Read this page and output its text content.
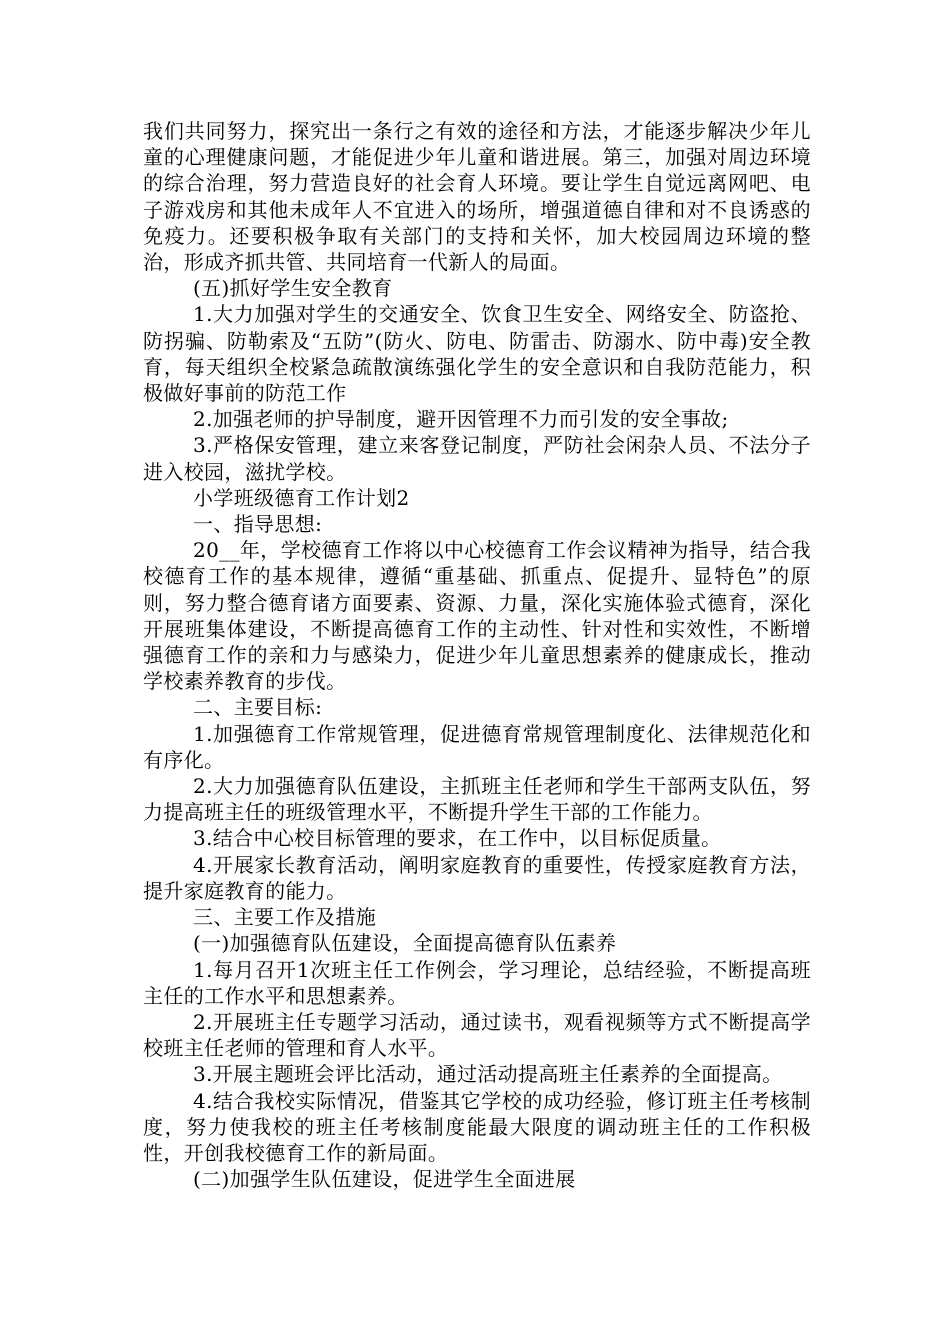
我们共同努力，探究出一条行之有效的途径和方法，才能逐步解决少年儿童的心理健康问题，才能促进少年儿童和谐进展。第三，加强对周边环境的综合治理，努力营造良好的社会育人环境。要让学生自觉远离网吧、电子游戏房和其他未成年人不宜进入的场所，增强道德自律和对不良诱惑的免疫力。还要积极争取有关部门的支持和关怀，加大校园周边环境的整治，形成齐抓共管、共同培育一代新人的局面。

(五)抓好学生安全教育

1.大力加强对学生的交通安全、饮食卫生安全、网络安全、防盗抢、防拐骗、防勒索及“五防”(防火、防电、防雷击、防溺水、防中毒)安全教育，每天组织全校紧急疏散演练强化学生的安全意识和自我防范能力，积极做好事前的防范工作

2.加强老师的护导制度，避开因管理不力而引发的安全事故;

3.严格保安管理，建立来客登记制度，严防社会闲杂人员、不法分子进入校园，滋扰学校。

小学班级德育工作计划2

一、指导思想:

20__年，学校德育工作将以中心校德育工作会议精神为指导，结合我校德育工作的基本规律，遵循“重基础、抓重点、促提升、显特色”的原则，努力整合德育诸方面要素、资源、力量，深化实施体验式德育，深化开展班集体建设，不断提高德育工作的主动性、针对性和实效性，不断增强德育工作的亲和力与感染力，促进少年儿童思想素养的健康成长，推动学校素养教育的步伐。

二、主要目标:

1.加强德育工作常规管理，促进德育常规管理制度化、法律规范化和有序化。

2.大力加强德育队伍建设，主抓班主任老师和学生干部两支队伍，努力提高班主任的班级管理水平，不断提升学生干部的工作能力。

3.结合中心校目标管理的要求，在工作中，以目标促质量。

4.开展家长教育活动，阐明家庭教育的重要性，传授家庭教育方法，提升家庭教育的能力。

三、主要工作及措施

(一)加强德育队伍建设，全面提高德育队伍素养

1.每月召开1次班主任工作例会，学习理论，总结经验，不断提高班主任的工作水平和思想素养。

2.开展班主任专题学习活动，通过读书，观看视频等方式不断提高学校班主任老师的管理和育人水平。

3.开展主题班会评比活动，通过活动提高班主任素养的全面提高。

4.结合我校实际情况，借鉴其它学校的成功经验，修订班主任考核制度，努力使我校的班主任考核制度能最大限度的调动班主任的工作积极性，开创我校德育工作的新局面。

(二)加强学生队伍建设，促进学生全面进展
